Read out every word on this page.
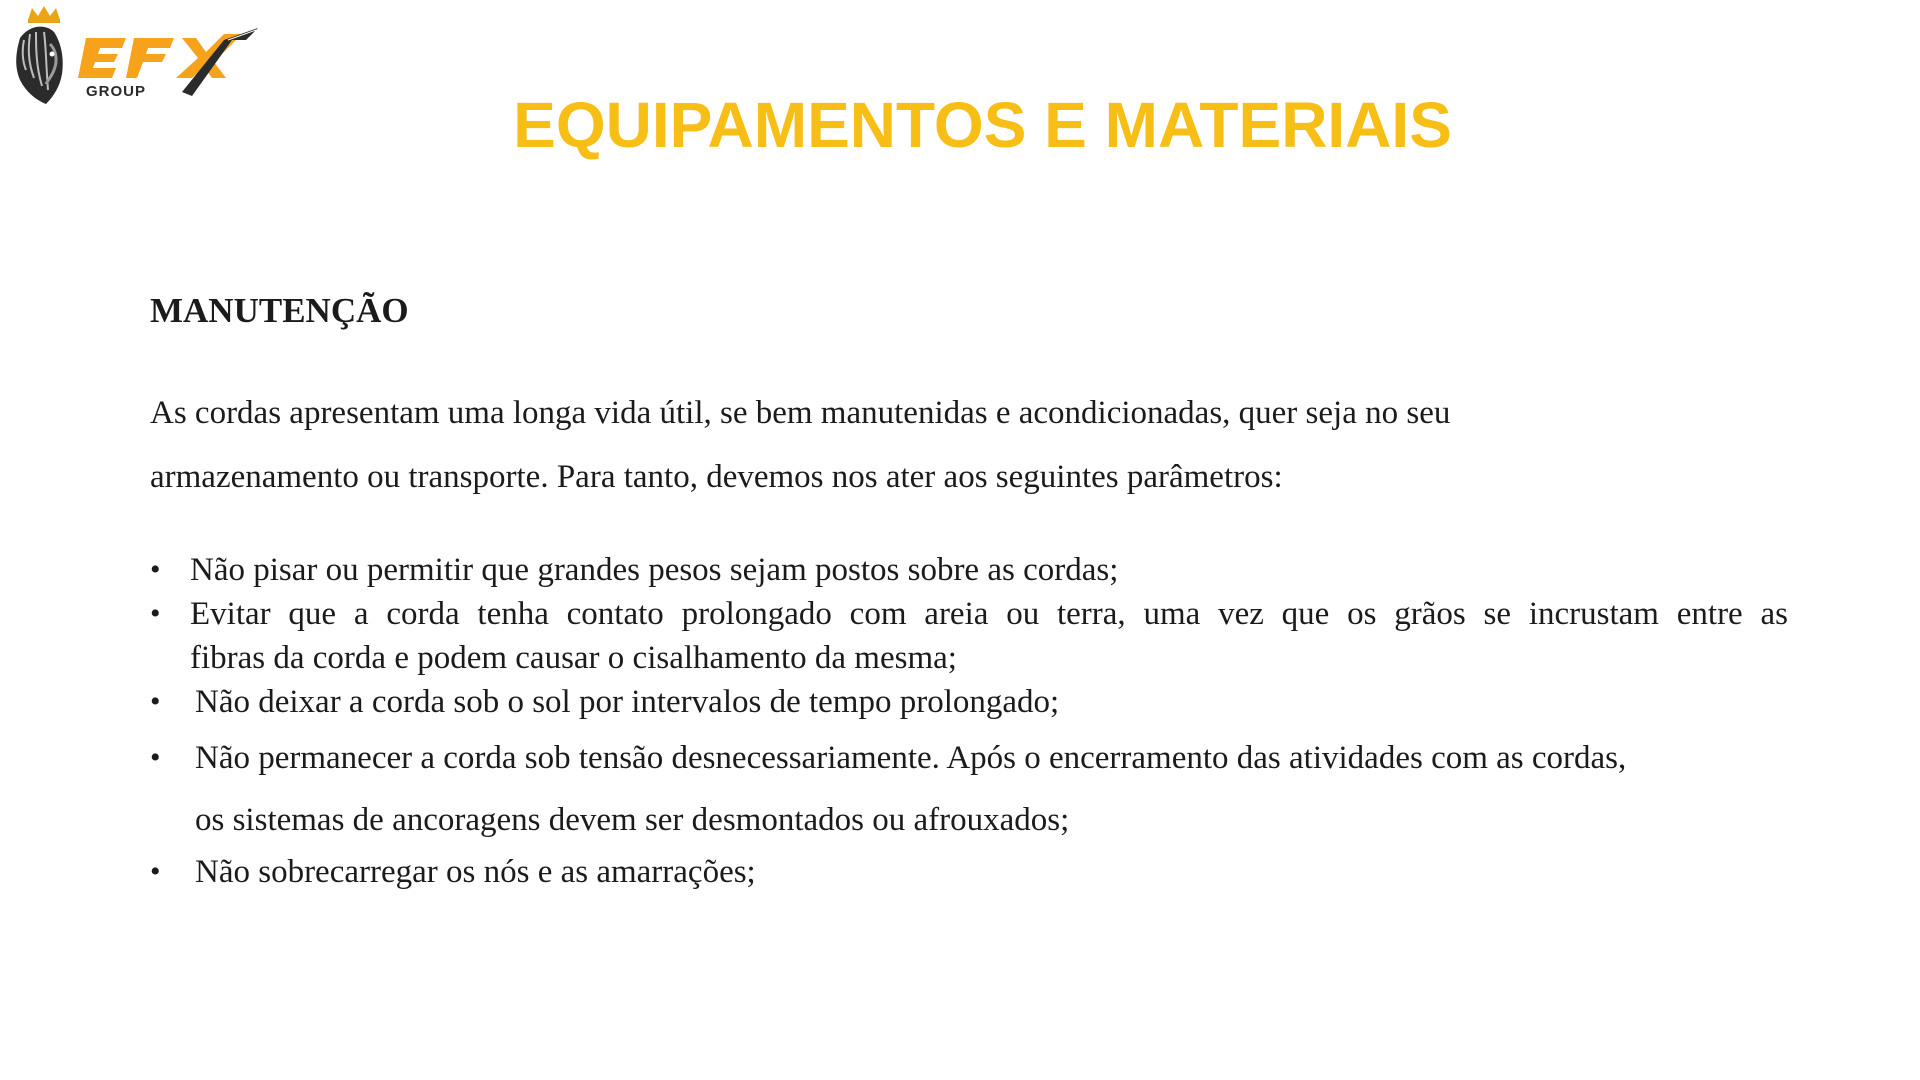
GROUP	EQUIPAMENTOS E MATERIAIS
MANUTENÇÃO
As cordas apresentam uma longa vida útil, se bem manutenidas e acondicionadas, quer seja no seu
armazenamento ou transporte. Para tanto, devemos nos ater aos seguintes parâmetros:
• Não pisar ou permitir que grandes pesos sejam postos sobre as cordas;
• Evitar que a corda tenha contato prolongado com areia ou terra, uma vez que os grãos se incrustam entre as
fibras da corda e podem causar o cisalhamento da mesma;
•	Não deixar a corda sob o sol por intervalos de tempo prolongado;
•	Não permanecer a corda sob tensão desnecessariamente. Após o encerramento das atividades com as cordas,
os sistemas de ancoragens devem ser desmontados ou afrouxados;
•	Não sobrecarregar os nós e as amarrações;
